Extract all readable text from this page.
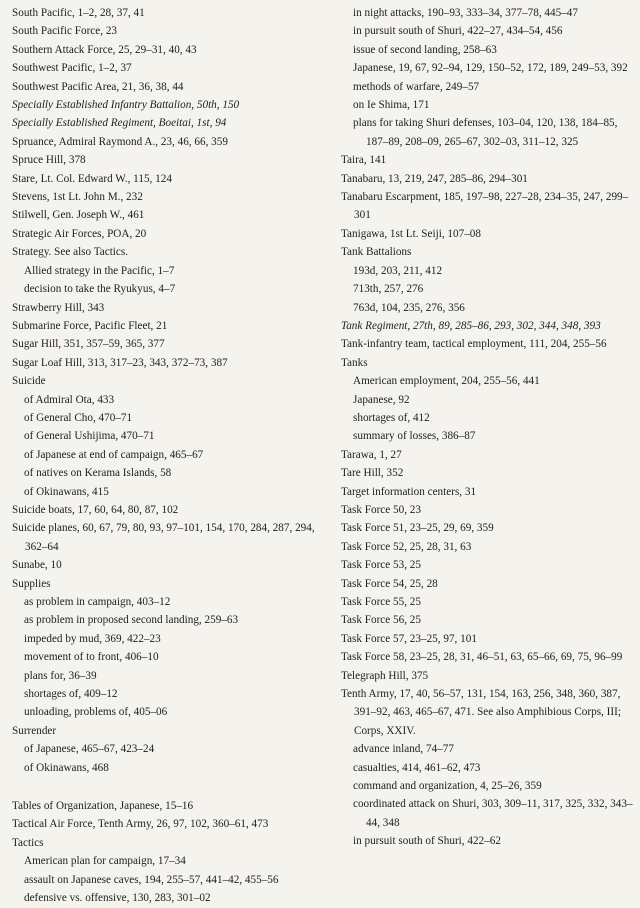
South Pacific, 1–2, 28, 37, 41
South Pacific Force, 23
Southern Attack Force, 25, 29–31, 40, 43
Southwest Pacific, 1–2, 37
Southwest Pacific Area, 21, 36, 38, 44
Specially Established Infantry Battalion, 50th, 150
Specially Established Regiment, Boeitai, 1st, 94
Spruance, Admiral Raymond A., 23, 46, 66, 359
Spruce Hill, 378
Stare, Lt. Col. Edward W., 115, 124
Stevens, 1st Lt. John M., 232
Stilwell, Gen. Joseph W., 461
Strategic Air Forces, POA, 20
Strategy. See also Tactics.
Allied strategy in the Pacific, 1–7
decision to take the Ryukyus, 4–7
Strawberry Hill, 343
Submarine Force, Pacific Fleet, 21
Sugar Hill, 351, 357–59, 365, 377
Sugar Loaf Hill, 313, 317–23, 343, 372–73, 387
Suicide
of Admiral Ota, 433
of General Cho, 470–71
of General Ushijima, 470–71
of Japanese at end of campaign, 465–67
of natives on Kerama Islands, 58
of Okinawans, 415
Suicide boats, 17, 60, 64, 80, 87, 102
Suicide planes, 60, 67, 79, 80, 93, 97–101, 154, 170, 284, 287, 294, 362–64
Sunabe, 10
Supplies
as problem in campaign, 403–12
as problem in proposed second landing, 259–63
impeded by mud, 369, 422–23
movement of to front, 406–10
plans for, 36–39
shortages of, 409–12
unloading, problems of, 405–06
Surrender
of Japanese, 465–67, 423–24
of Okinawans, 468
Tables of Organization, Japanese, 15–16
Tactical Air Force, Tenth Army, 26, 97, 102, 360–61, 473
Tactics
American plan for campaign, 17–34
assault on Japanese caves, 194, 255–57, 441–42, 455–56
defensive vs. offensive, 130, 283, 301–02
in night attacks, 190–93, 333–34, 377–78, 445–47
in pursuit south of Shuri, 422–27, 434–54, 456
issue of second landing, 258–63
Japanese, 19, 67, 92–94, 129, 150–52, 172, 189, 249–53, 392
methods of warfare, 249–57
on Ie Shima, 171
plans for taking Shuri defenses, 103–04, 120, 138, 184–85, 187–89, 208–09, 265–67, 302–03, 311–12, 325
Taira, 141
Tanabaru, 13, 219, 247, 285–86, 294–301
Tanabaru Escarpment, 185, 197–98, 227–28, 234–35, 247, 299–301
Tanigawa, 1st Lt. Seiji, 107–08
Tank Battalions
193d, 203, 211, 412
713th, 257, 276
763d, 104, 235, 276, 356
Tank Regiment, 27th, 89, 285–86, 293, 302, 344, 348, 393
Tank-infantry team, tactical employment, 111, 204, 255–56
Tanks
American employment, 204, 255–56, 441
Japanese, 92
shortages of, 412
summary of losses, 386–87
Tarawa, 1, 27
Tare Hill, 352
Target information centers, 31
Task Force 50, 23
Task Force 51, 23–25, 29, 69, 359
Task Force 52, 25, 28, 31, 63
Task Force 53, 25
Task Force 54, 25, 28
Task Force 55, 25
Task Force 56, 25
Task Force 57, 23–25, 97, 101
Task Force 58, 23–25, 28, 31, 46–51, 63, 65–66, 69, 75, 96–99
Telegraph Hill, 375
Tenth Army, 17, 40, 56–57, 131, 154, 163, 256, 348, 360, 387, 391–92, 463, 465–67, 471. See also Amphibious Corps, III; Corps, XXIV.
advance inland, 74–77
casualties, 414, 461–62, 473
command and organization, 4, 25–26, 359
coordinated attack on Shuri, 303, 309–11, 317, 325, 332, 343–44, 348
in pursuit south of Shuri, 422–62
